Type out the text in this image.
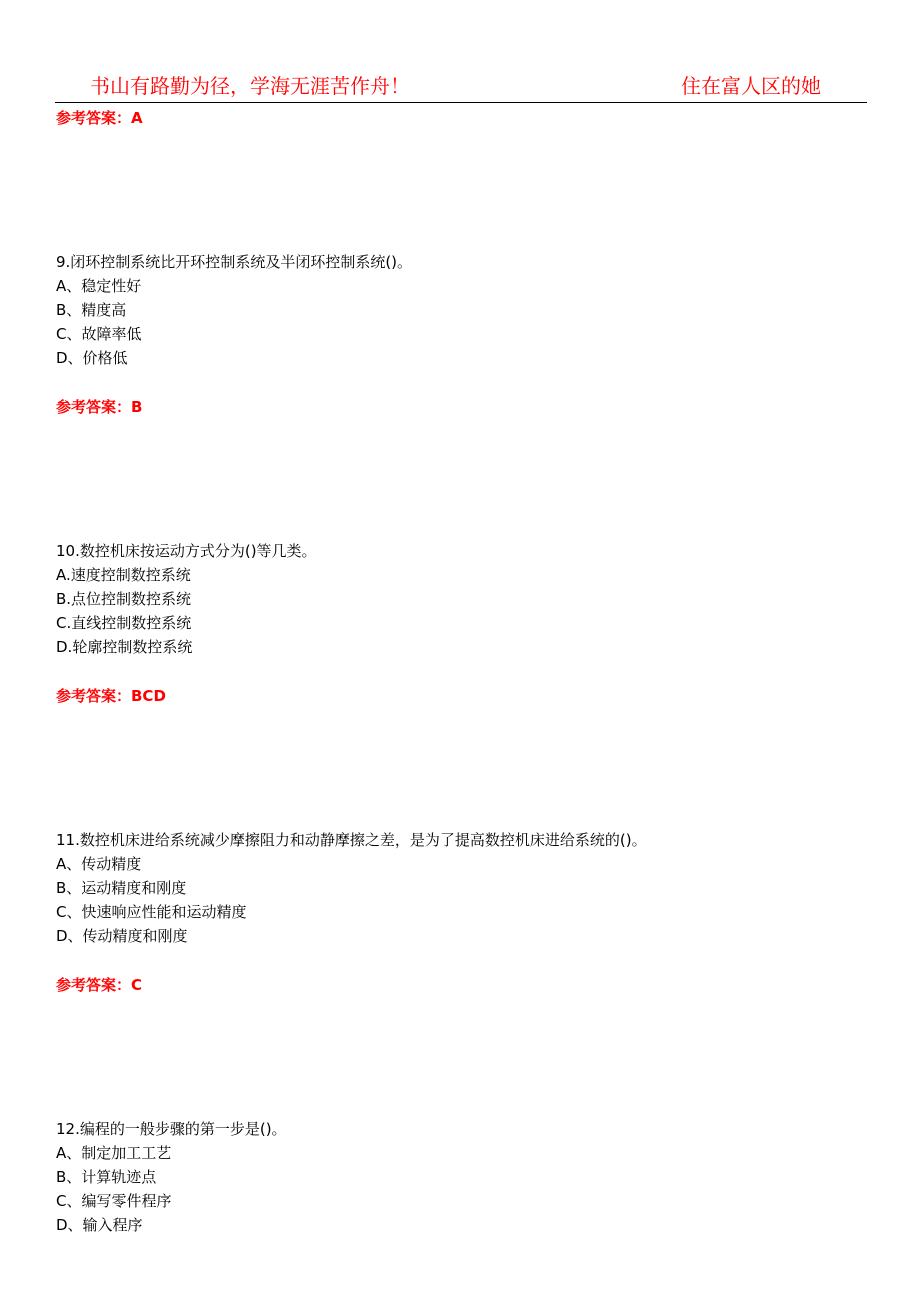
书山有路勤为径，学海无涯苦作舟！	住在富人区的她
参考答案：A
9.闭环控制系统比开环控制系统及半闭环控制系统()。
A、稳定性好
B、精度高
C、故障率低
D、价格低
参考答案：B
10.数控机床按运动方式分为()等几类。
A.速度控制数控系统
B.点位控制数控系统
C.直线控制数控系统
D.轮廓控制数控系统
参考答案：BCD
11.数控机床进给系统减少摩擦阻力和动静摩擦之差，是为了提高数控机床进给系统的()。
A、传动精度
B、运动精度和刚度
C、快速响应性能和运动精度
D、传动精度和刚度
参考答案：C
12.编程的一般步骤的第一步是()。
A、制定加工工艺
B、计算轨迹点
C、编写零件程序
D、输入程序
